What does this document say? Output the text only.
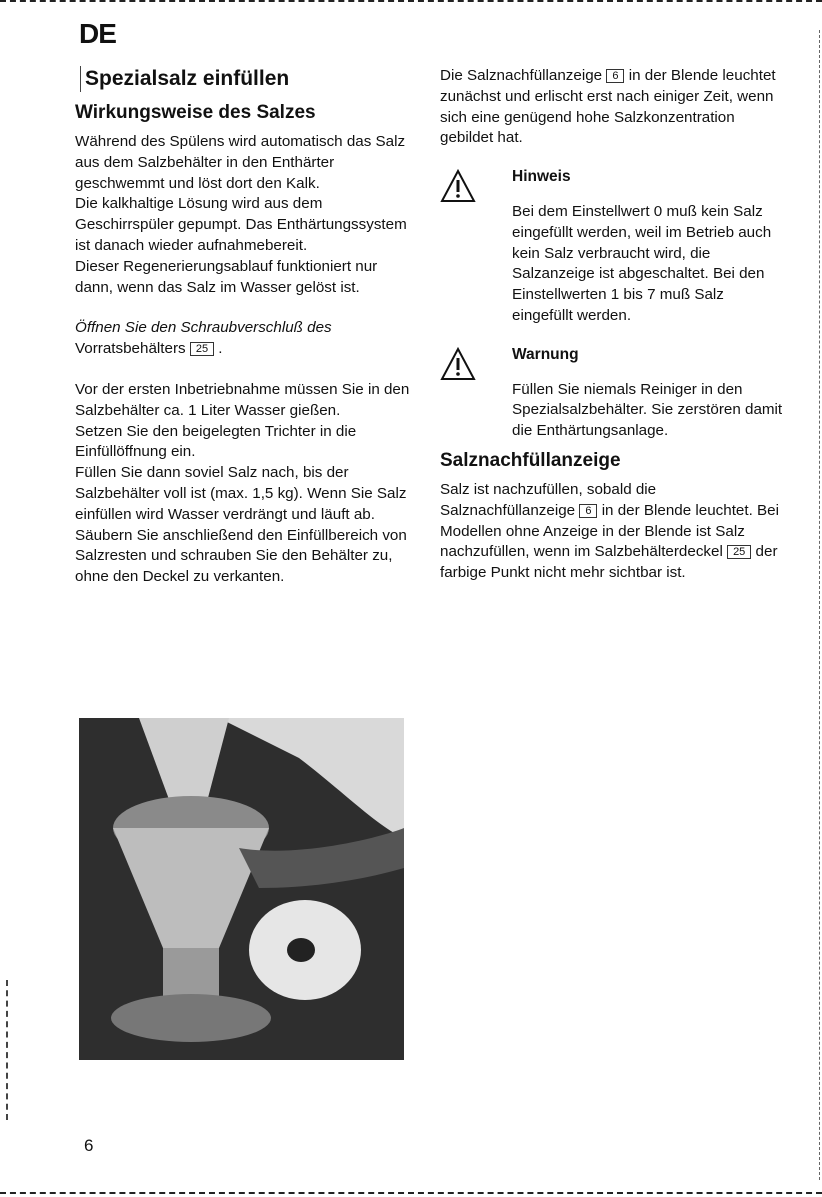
DE
Spezialsalz einfüllen
Wirkungsweise des Salzes

Während des Spülens wird automatisch das Salz aus dem Salzbehälter in den Enthärter geschwemmt und löst dort den Kalk.

Die kalkhaltige Lösung wird aus dem Geschirrspüler gepumpt. Das Enthärtungssystem ist danach wieder aufnahmebereit.

Dieser Regenerierungsablauf funktioniert nur dann, wenn das Salz im Wasser gelöst ist.

Öffnen Sie den Schraubverschluß des
Vorratsbehälters 25 .

Vor der ersten Inbetriebnahme müssen Sie in den Salzbehälter ca. 1 Liter Wasser gießen.

Setzen Sie den beigelegten Trichter in die Einfüllöffnung ein.

Füllen Sie dann soviel Salz nach, bis der Salzbehälter voll ist (max. 1,5 kg). Wenn Sie Salz einfüllen wird Wasser verdrängt und läuft ab. Säubern Sie anschließend den Einfüllbereich von Salzresten und schrauben Sie den Behälter zu, ohne den Deckel zu verkanten.

Die Salznachfüllanzeige 6 in der Blende leuchtet zunächst und erlischt erst nach einiger Zeit, wenn sich eine genügend hohe Salzkonzentration gebildet hat.

Hinweis

Bei dem Einstellwert 0 muß kein Salz eingefüllt werden, weil im Betrieb auch kein Salz verbraucht wird, die Salzanzeige ist abgeschaltet. Bei den Einstellwerten 1 bis 7 muß Salz eingefüllt werden.

Warnung

Füllen Sie niemals Reiniger in den Spezialsalzbehälter. Sie zerstören damit die Enthärtungsanlage.

Salznachfüllanzeige

Salz ist nachzufüllen, sobald die Salznachfüllanzeige 6 in der Blende leuchtet. Bei Modellen ohne Anzeige in der Blende ist Salz nachzufüllen, wenn im Salzbehälterdeckel 25 der farbige Punkt nicht mehr sichtbar ist.

6
